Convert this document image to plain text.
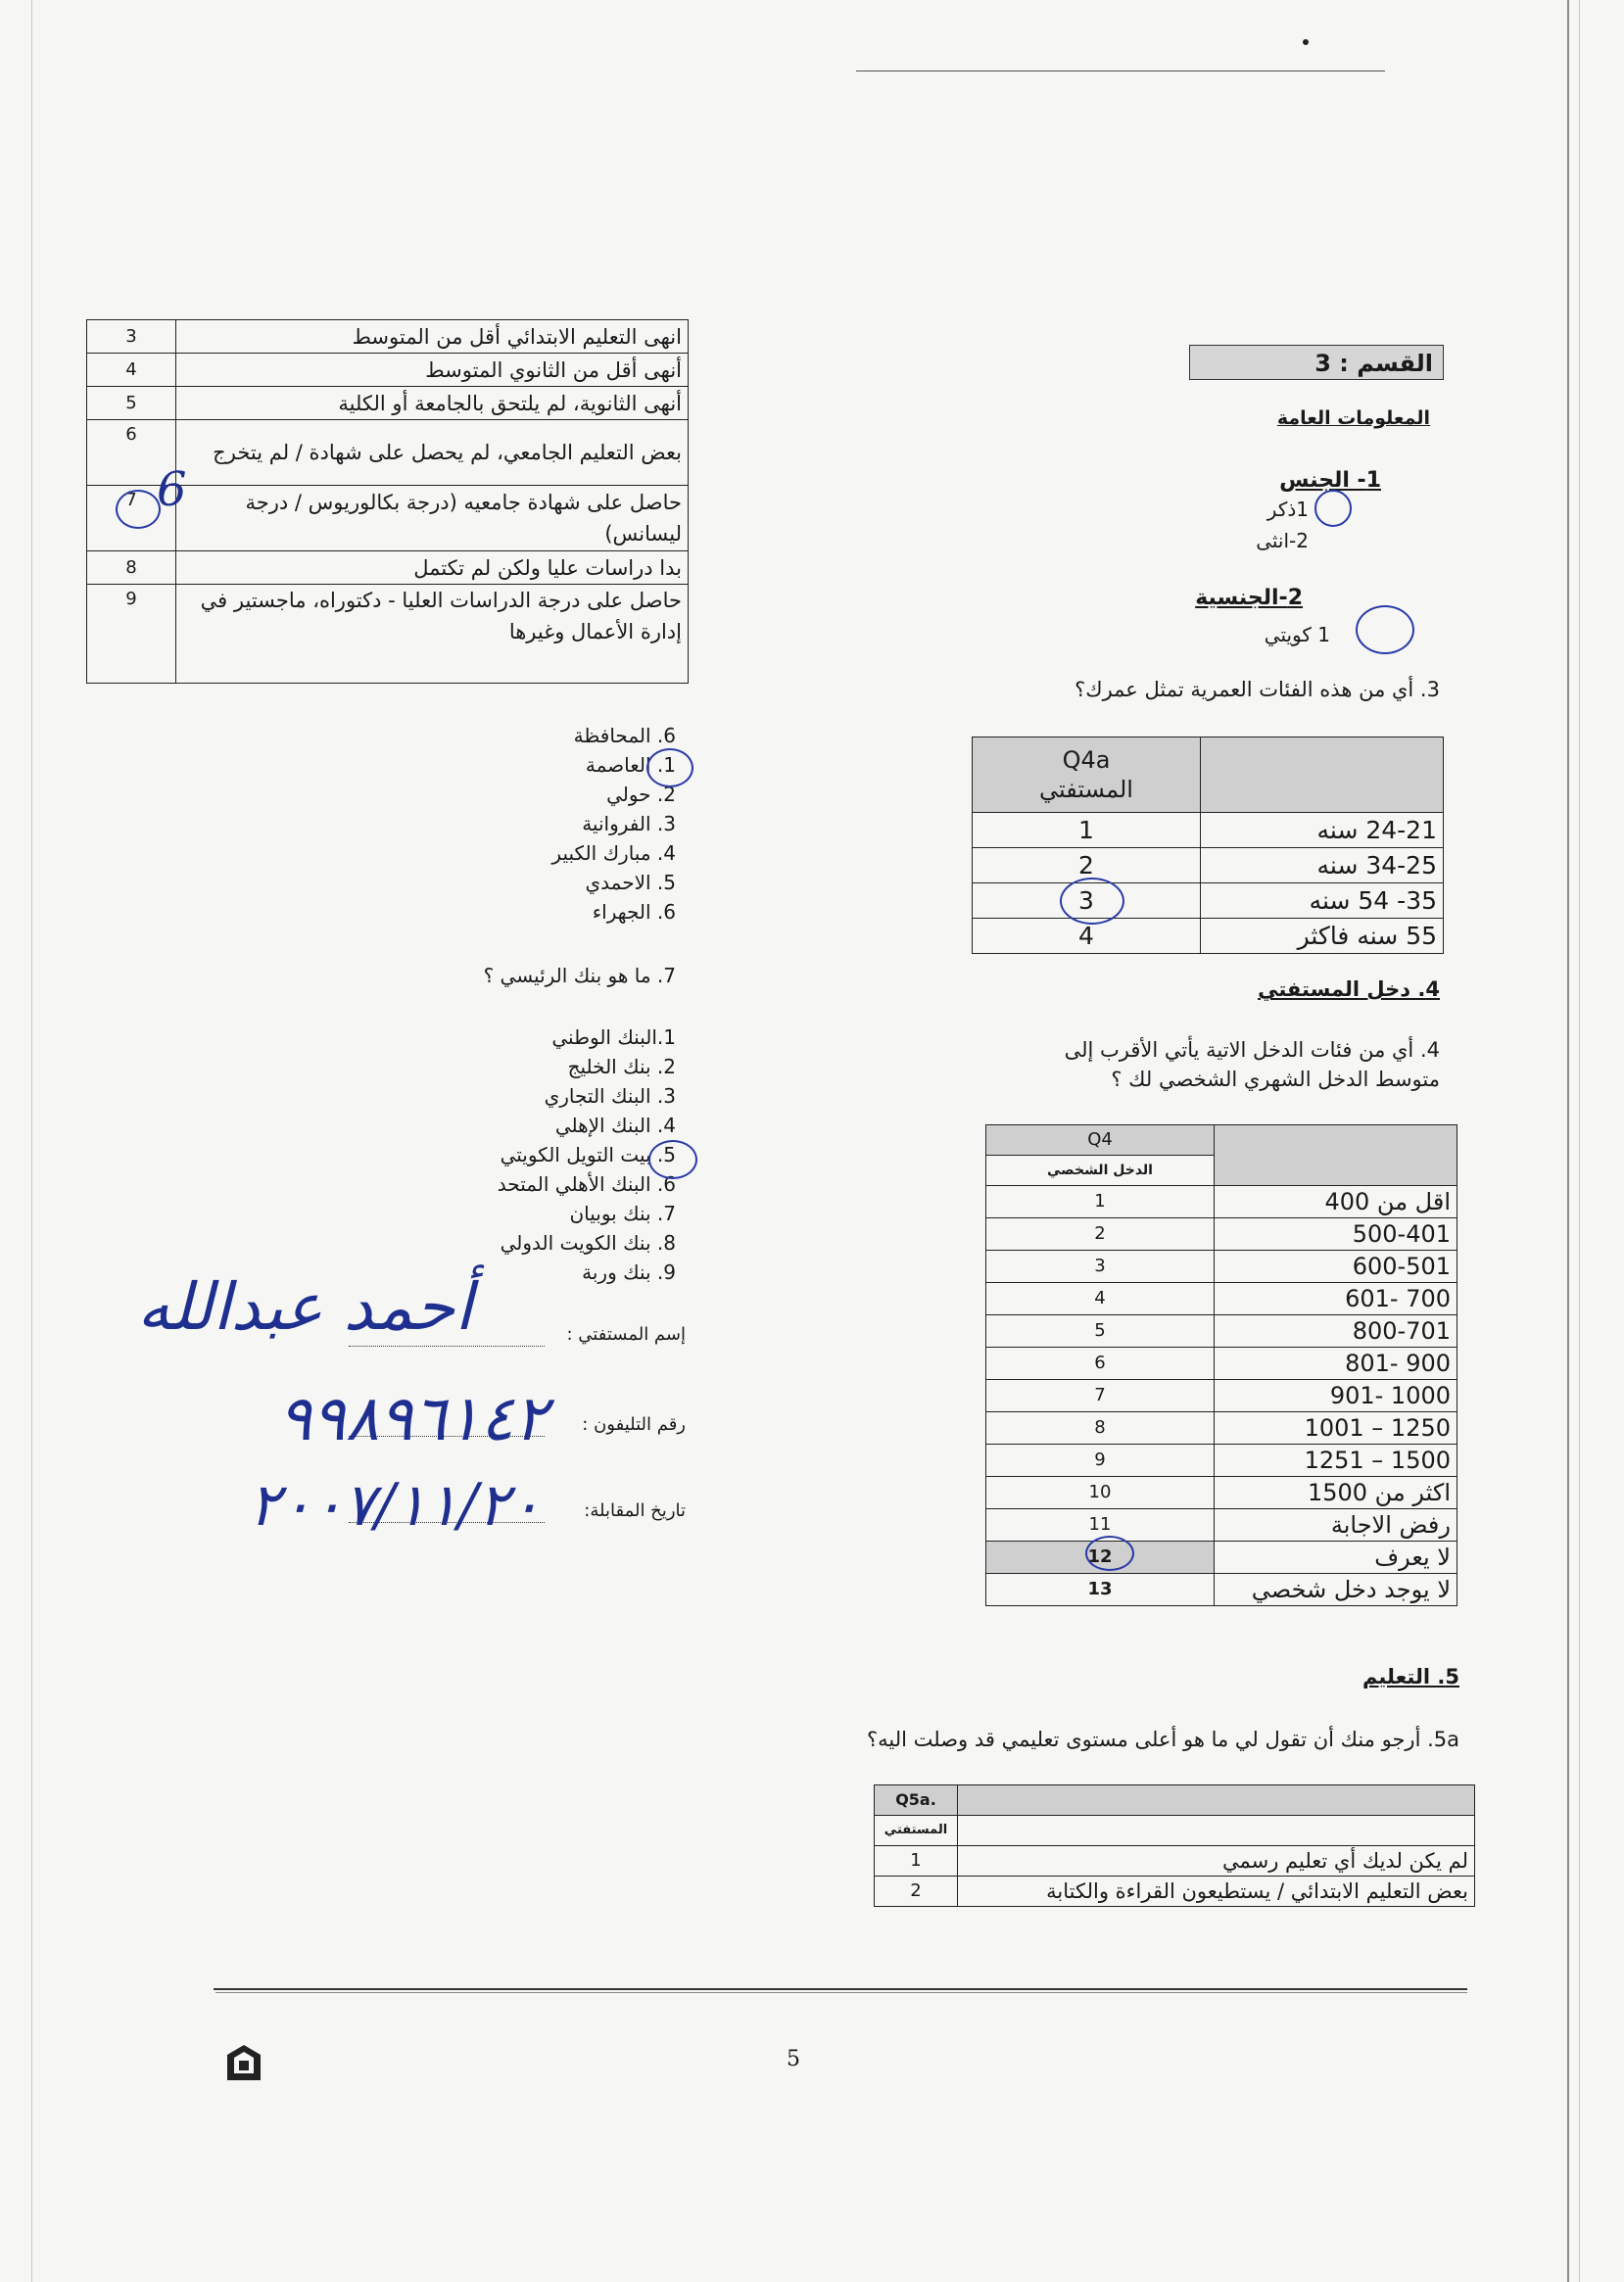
القسم : 3
المعلومات العامة
1- الجنس
1ذكر
2-انثى
2-الجنسية
1 كويتي
3. أي من هذه الفئات العمرية تمثل عمرك؟
Q4a
المستفتي	

1	24-21 سنه
2	34-25 سنه
3	35- 54 سنه
4	55 سنه فاكثر
4. دخل المستفتي
4. أي من فئات الدخل الاتية يأتي الأقرب إلى
متوسط الدخل الشهري الشخصي لك ؟
Q4	
الدخل الشخصي	
1	اقل من 400
2	500-401
3	600-501
4	700 -601
5	800-701
6	900 -801
7	1000 -901
8	1250 – 1001
9	1500 – 1251
10	اكثر من 1500
11	رفض الاجابة
12	لا يعرف
13	لا يوجد دخل شخصي
5. التعليم
5a. أرجو منك أن تقول لي ما هو أعلى مستوى تعليمي قد وصلت اليه؟
Q5a.	
المستفتي	
1	لم يكن لديك أي تعليم رسمي
2	بعض التعليم الابتدائي / يستطيعون القراءة والكتابة
3	انهى التعليم الابتدائي أقل من المتوسط
4	أنهى أقل من الثانوي المتوسط
5	أنهى الثانوية، لم يلتحق بالجامعة أو الكلية
6	بعض التعليم الجامعي، لم يحصل على شهادة / لم يتخرج
7	حاصل على شهادة جامعيه (درجة بكالوريوس / درجة ليسانس)
8	بدا دراسات عليا ولكن لم تكتمل
9	حاصل على درجة الدراسات العليا - دكتوراه، ماجستير في إدارة الأعمال وغيرها
6
6. المحافظة
1. العاصمة
2. حولي
3. الفروانية
4. مبارك الكبير
5. الاحمدي
6. الجهراء
7. ما هو بنك الرئيسي ؟
1.البنك الوطني
2. بنك الخليج
3. البنك التجاري
4. البنك الإهلي
5. بيت التويل الكويتي
6. البنك الأهلي المتحد
7. بنك بوبيان
8. بنك الكويت الدولي
9. بنك وربة
إسم المستفتي :
أحمد عبدالله
رقم التليفون :
٩٩٨٩٦١٤٢
تاريخ المقابلة:
٢٠٠٧/١١/٢٠
5
